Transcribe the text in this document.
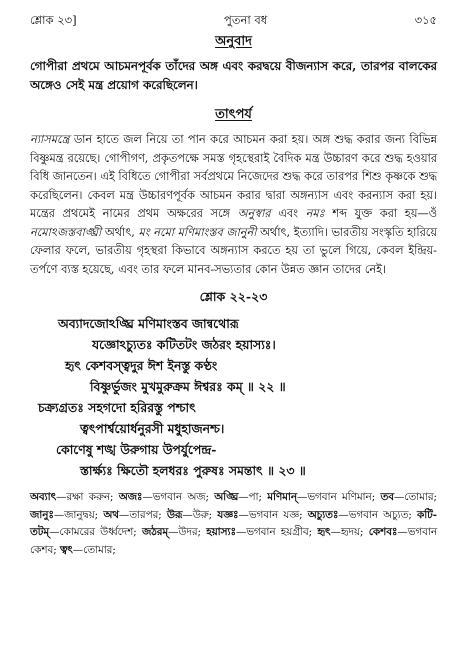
শ্লোক ২৩]	পুতনা বধ	৩১৫
অনুবাদ
গোপীরা প্রথমে আচমনপূর্বক তাঁদের অঙ্গ এবং করদ্বয়ে বীজন্যাস করে, তারপর বালকের অঙ্গেও সেই মন্ত্র প্রয়োগ করেছিলেন।
তাৎপর্য
ন্যাসমন্ত্রে ডান হাতে জল নিয়ে তা পান করে আচমন করা হয়। অঙ্গ শুদ্ধ করার জন্য বিভিন্ন বিষ্ণুমন্ত্র রয়েছে। গোপীগণ, প্রকৃতপক্ষে সমস্ত গৃহস্থেরাই বৈদিক মন্ত্র উচ্চারণ করে শুদ্ধ হওয়ার বিধি জানতেন। এই বিধিতে গোপীরা সর্বপ্রথমে নিজেদের শুদ্ধ করে তারপর শিশু কৃষ্ণকে শুদ্ধ করেছিলেন। কেবল মন্ত্র উচ্চারণপূর্বক আচমন করার দ্বারা অঙ্গন্যাস এবং করন্যাস করা হয়। মন্ত্রের প্রথমেই নামের প্রথম অক্ষরের সঙ্গে অনুস্বার এবং নমঃ শব্দ যুক্ত করা হয়—ওঁ নমোঽজস্তবাঙ্ঘ্রী অর্থাৎ, মং নমো মণিমাংস্তব জানুনী অর্থাৎ, ইত্যাদি। ভারতীয় সংস্কৃতি হারিয়ে ফেলার ফলে, ভারতীয় গৃহস্থরা কিভাবে অঙ্গন্যাস করতে হয় তা ভুলে গিয়ে, কেবল ইন্দ্রিয়-তর্পণে ব্যস্ত হয়েছে, এবং তার ফলে মানব-সভ্যতার কোন উন্নত জ্ঞান তাদের নেই।
শ্লোক ২২-২৩
অব্যাদজোঽঙ্ঘ্রি মণিমাংস্তব জান্বথোরূ
যজ্ঞোঽচ্যুতঃ কটিতটং জঠরং হয়াস্যঃ।
হৃৎ কেশবস্ত্বদুর ঈশ ইনস্তু কণ্ঠং
বিষ্ণুর্ভুজং মুখমুরুক্রম ঈশ্বরঃ কম্ ॥ ২২ ॥
চক্র্যগ্রতঃ সহগদো হরিরস্তু পশ্চাৎ
ত্বৎপার্শ্বয়োর্ধনুরসী মধুহাজনশ্চ।
কোণেষু শঙ্খ উরুগায় উপর্যুপেন্দ্র-
স্তার্ক্ষ্যঃ ক্ষিতৌ হলধরঃ পুরুষঃ সমন্তাৎ ॥ ২৩ ॥
অব্যাৎ—রক্ষা করুন; অজঃ—ভগবান অজ; অঙ্ঘ্রি—পা; মণিমান্—ভগবান মণিমান; তব—তোমার; জানুঃ—জানুদ্বয়; অথ—তারপর; উরূ—উরু; যজ্ঞঃ—ভগবান যজ্ঞ; অচ্যুতঃ—ভগবান অচ্যুত; কটি-তটম্—কোমরের উর্ধ্বদেশ; জঠরম্—উদর; হয়াস্যঃ—ভগবান হয়গ্রীব; হৃৎ—হৃদয়; কেশবঃ—ভগবান কেশব; ত্বৎ—তোমার;
